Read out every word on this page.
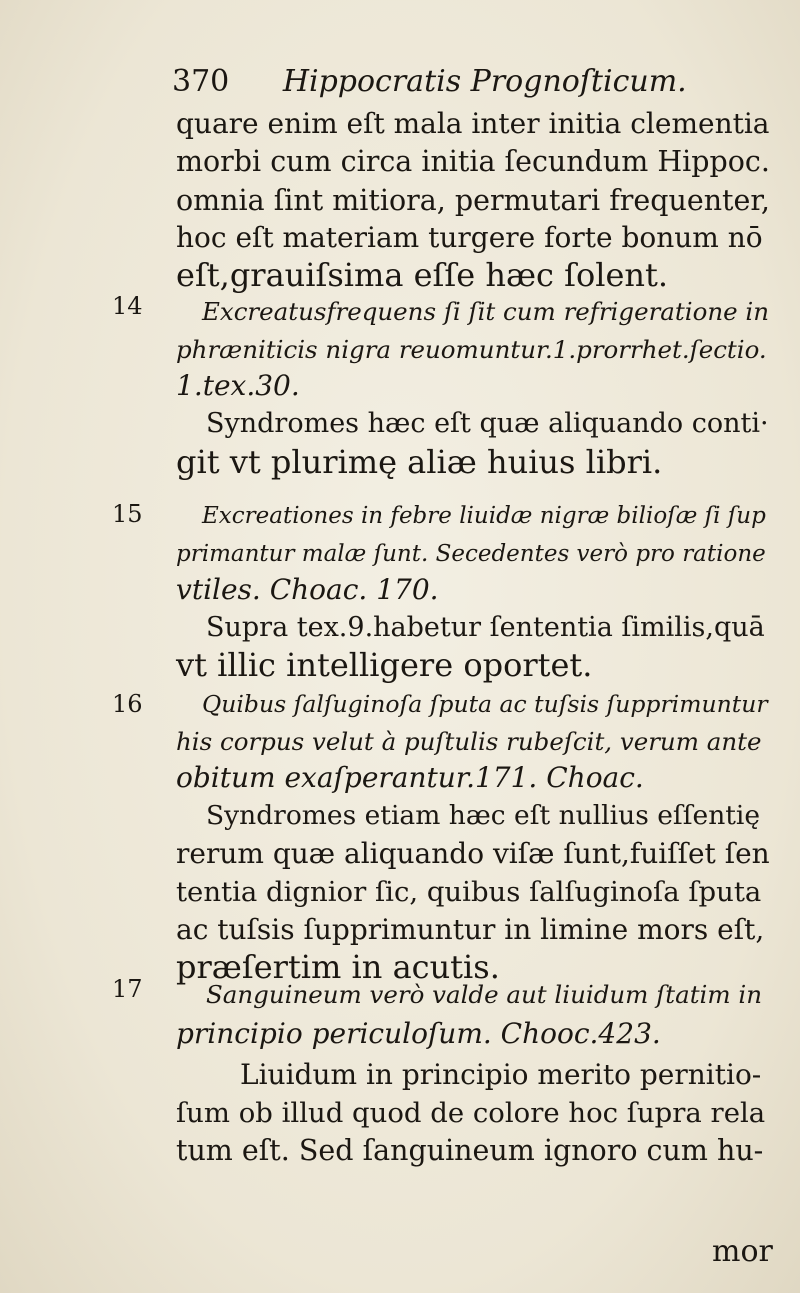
370 Hippocratis Prognoſticum.
14
15
16
17
quare enim eſt mala inter initia clementia
morbi cum circa initia ſecundum Hippoc.
omnia ſint mitiora, permutari frequenter,
hoc eſt materiam turgere forte bonum nō
eſt,grauiſsima eſſe hæc ſolent.
Excreatusfrequens ſi ſit cum refrigeratione in
phræniticis nigra reuomuntur.1.prorrhet.ſectio.
1.tex.30.
Syndromes hæc eſt quæ aliquando conti·
git vt plurimę aliæ huius libri.
Excreationes in febre liuidæ nigræ bilioſæ ſi ſup
primantur malæ ſunt. Secedentes verò pro ratione
vtiles. Choac. 170.
Supra tex.9.habetur ſententia ſimilis,quā
vt illic intelligere oportet.
Quibus ſalſuginoſa ſputa ac tuſsis ſupprimuntur
his corpus velut à puſtulis rubeſcit, verum ante
obitum exaſperantur.171. Choac.
Syndromes etiam hæc eſt nullius eſſentię
rerum quæ aliquando viſæ ſunt,fuiſſet ſen
tentia dignior ſic, quibus ſalſuginoſa ſputa
ac tuſsis ſupprimuntur in limine mors eſt,
præſertim in acutis.
Sanguineum verò valde aut liuidum ſtatim in
principio periculoſum. Chooc.423.
Liuidum in principio merito pernitio-
ſum ob illud quod de colore hoc ſupra rela
tum eſt. Sed ſanguineum ignoro cum hu-
mor
